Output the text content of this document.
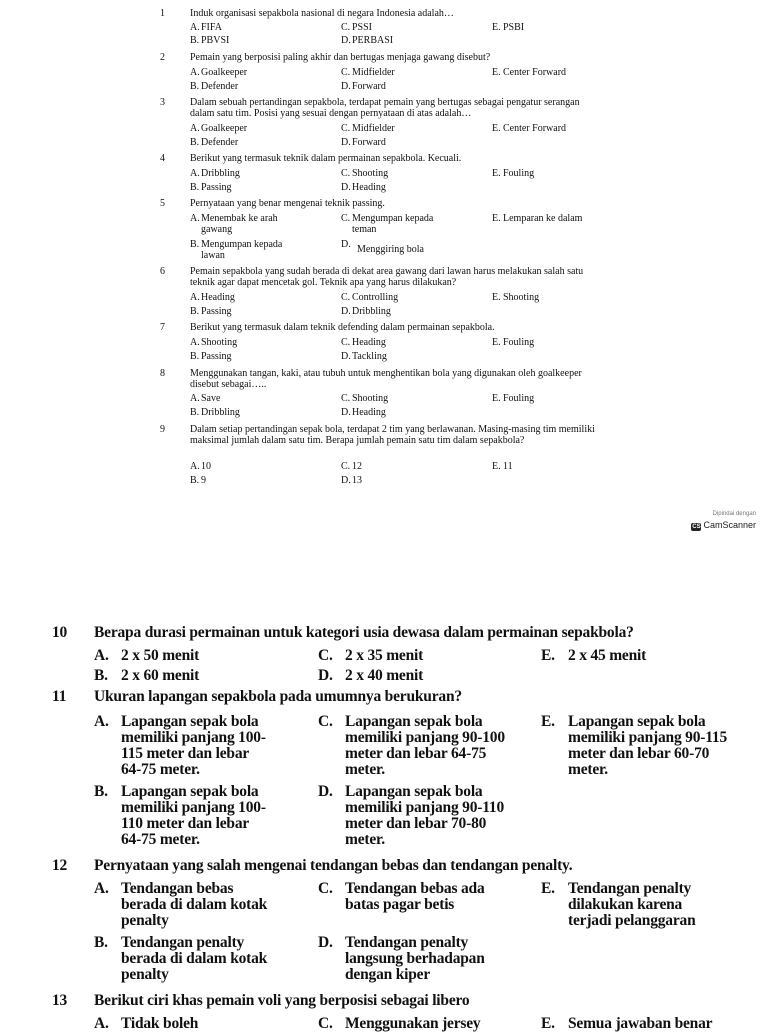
1	Induk organisasi sepakbola nasional di negara Indonesia adalah…
A. FIFA
B. PBVSI
C. PSSI
D. PERBASI
E. PSBI
2	Pemain yang berposisi paling akhir dan bertugas menjaga gawang disebut?
A. Goalkeeper
B. Defender
C. Midfielder
D. Forward
E. Center Forward
3	Dalam sebuah pertandingan sepakbola, terdapat pemain yang bertugas sebagai pengatur serangan dalam satu tim. Posisi yang sesuai dengan pernyataan di atas adalah…
A. Goalkeeper
B. Defender
C. Midfielder
D. Forward
E. Center Forward
4	Berikut yang termasuk teknik dalam permainan sepakbola. Kecuali.
A. Dribbling
B. Passing
C. Shooting
D. Heading
E. Fouling
5	Pernyataan yang benar mengenai teknik passing.
A. Menembak ke arah gawang
B. Mengumpan kepada lawan
C. Mengumpan kepada teman
D. Menggiring bola
E. Lemparan ke dalam
6	Pemain sepakbola yang sudah berada di dekat area gawang dari lawan harus melakukan salah satu teknik agar dapat mencetak gol. Teknik apa yang harus dilakukan?
A. Heading
B. Passing
C. Controlling
D. Dribbling
E. Shooting
7	Berikut yang termasuk dalam teknik defending dalam permainan sepakbola.
A. Shooting
B. Passing
C. Heading
D. Tackling
E. Fouling
8	Menggunakan tangan, kaki, atau tubuh untuk menghentikan bola yang digunakan oleh goalkeeper disebut sebagai…..
A. Save
B. Dribbling
C. Shooting
D. Heading
E. Fouling
9	Dalam setiap pertandingan sepak bola, terdapat 2 tim yang berlawanan. Masing-masing tim memiliki maksimal jumlah dalam satu tim. Berapa jumlah pemain satu tim dalam sepakbola?
A. 10
B. 9
C. 12
D. 13
E. 11
Dipindai dengan
CS CamScanner
10 Berapa durasi permainan untuk kategori usia dewasa dalam permainan sepakbola?
A. 2 x 50 menit
B. 2 x 60 menit
C. 2 x 35 menit
D. 2 x 40 menit
E. 2 x 45 menit
11 Ukuran lapangan sepakbola pada umumnya berukuran?
A. Lapangan sepak bola memiliki panjang 100-115 meter dan lebar 64-75 meter.
B. Lapangan sepak bola memiliki panjang 100-110 meter dan lebar 64-75 meter.
C. Lapangan sepak bola memiliki panjang 90-100 meter dan lebar 64-75 meter.
D. Lapangan sepak bola memiliki panjang 90-110 meter dan lebar 70-80 meter.
E. Lapangan sepak bola memiliki panjang 90-115 meter dan lebar 60-70 meter.
12 Pernyataan yang salah mengenai tendangan bebas dan tendangan penalty.
A. Tendangan bebas berada di dalam kotak penalty
B. Tendangan penalty berada di dalam kotak penalty
C. Tendangan bebas ada batas pagar betis
D. Tendangan penalty langsung berhadapan dengan kiper
E. Tendangan penalty dilakukan karena terjadi pelanggaran
13 Berikut ciri khas pemain voli yang berposisi sebagai libero
A. Tidak boleh	C. Menggunakan jersey	E. Semua jawaban benar
